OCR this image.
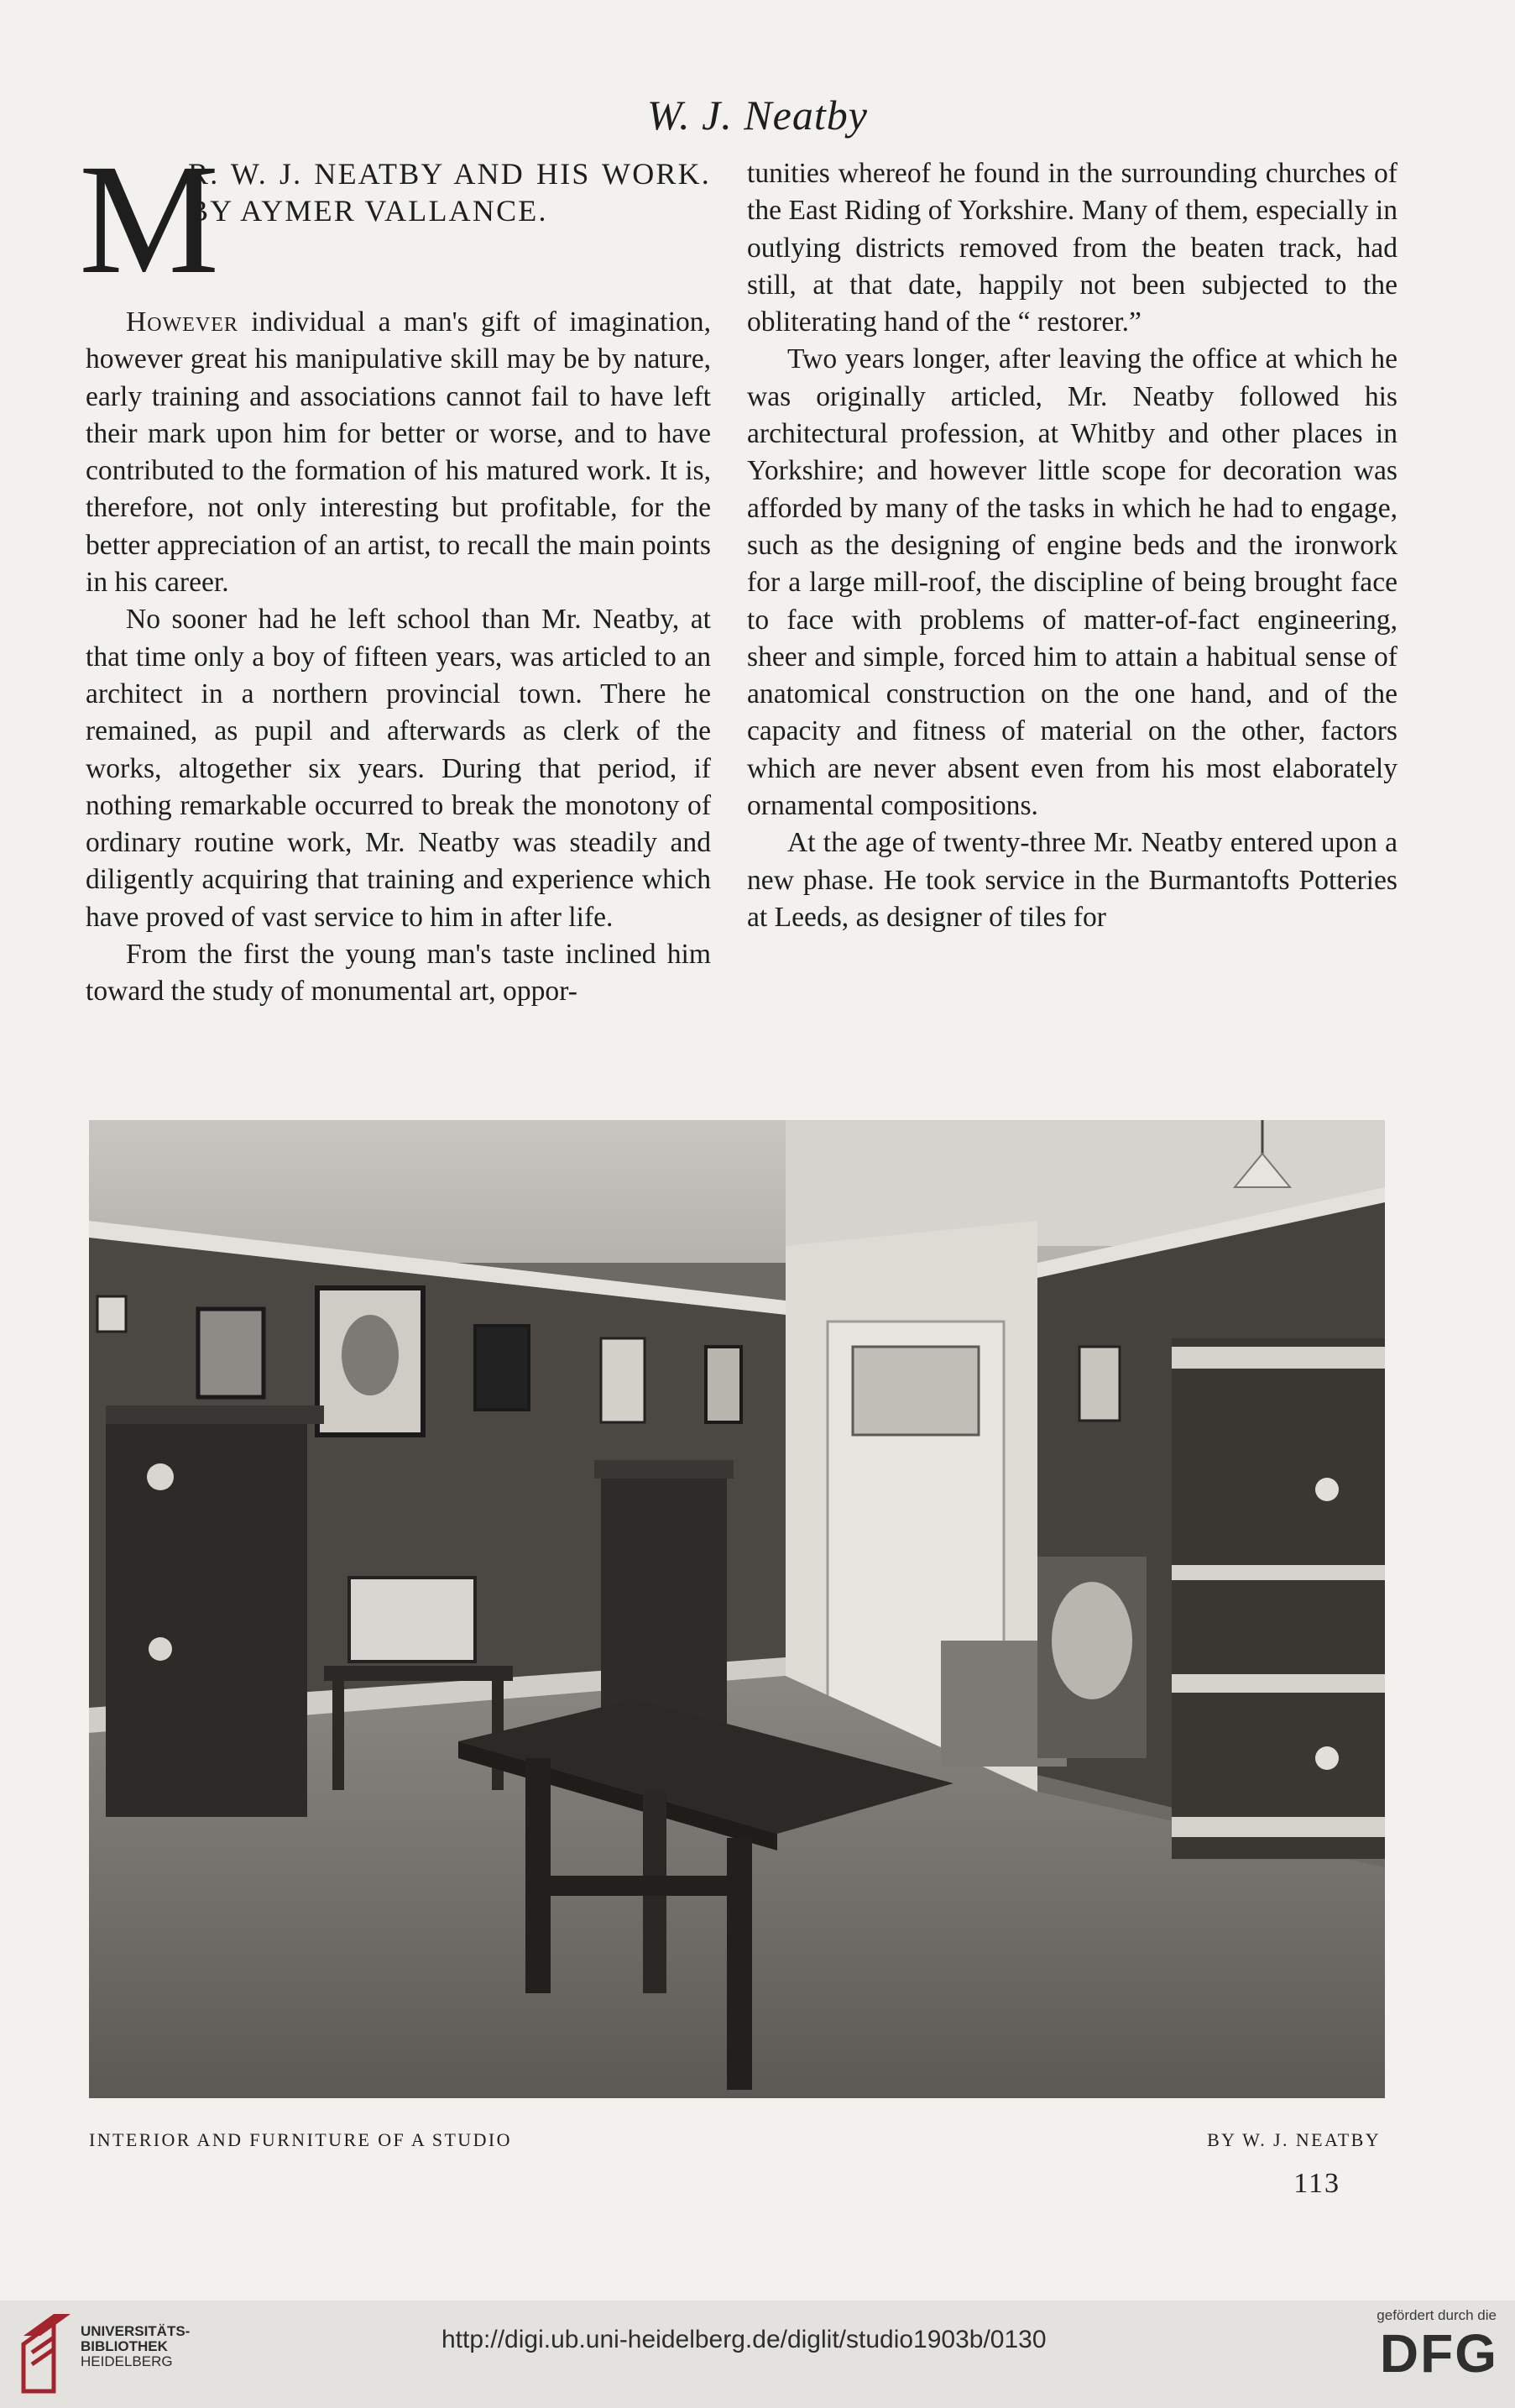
W. J. Neatby
M
R. W. J. NEATBY AND HIS WORK. BY AYMER VALLANCE.

However individual a man's gift of imagination, however great his manipulative skill may be by nature, early training and associations cannot fail to have left their mark upon him for better or worse, and to have contributed to the formation of his matured work. It is, therefore, not only interesting but profitable, for the better appreciation of an artist, to recall the main points in his career.

No sooner had he left school than Mr. Neatby, at that time only a boy of fifteen years, was articled to an architect in a northern provincial town. There he remained, as pupil and afterwards as clerk of the works, altogether six years. During that period, if nothing remarkable occurred to break the monotony of ordinary routine work, Mr. Neatby was steadily and diligently acquiring that training and experience which have proved of vast service to him in after life.

From the first the young man's taste inclined him toward the study of monumental art, oppor-

tunities whereof he found in the surrounding churches of the East Riding of Yorkshire. Many of them, especially in outlying districts removed from the beaten track, had still, at that date, happily not been subjected to the obliterating hand of the “ restorer.”

Two years longer, after leaving the office at which he was originally articled, Mr. Neatby followed his architectural profession, at Whitby and other places in Yorkshire; and however little scope for decoration was afforded by many of the tasks in which he had to engage, such as the designing of engine beds and the ironwork for a large mill-roof, the discipline of being brought face to face with problems of matter-of-fact engineering, sheer and simple, forced him to attain a habitual sense of anatomical construction on the one hand, and of the capacity and fitness of material on the other, factors which are never absent even from his most elaborately ornamental compositions.

At the age of twenty-three Mr. Neatby entered upon a new phase. He took service in the Burmantofts Potteries at Leeds, as designer of tiles for

INTERIOR AND FURNITURE OF A STUDIO	BY W. J. NEATBY
113
UNIVERSITÄTS-
BIBLIOTHEK
HEIDELBERG
http://digi.ub.uni-heidelberg.de/diglit/studio1903b/0130
gefördert durch die
DFG
